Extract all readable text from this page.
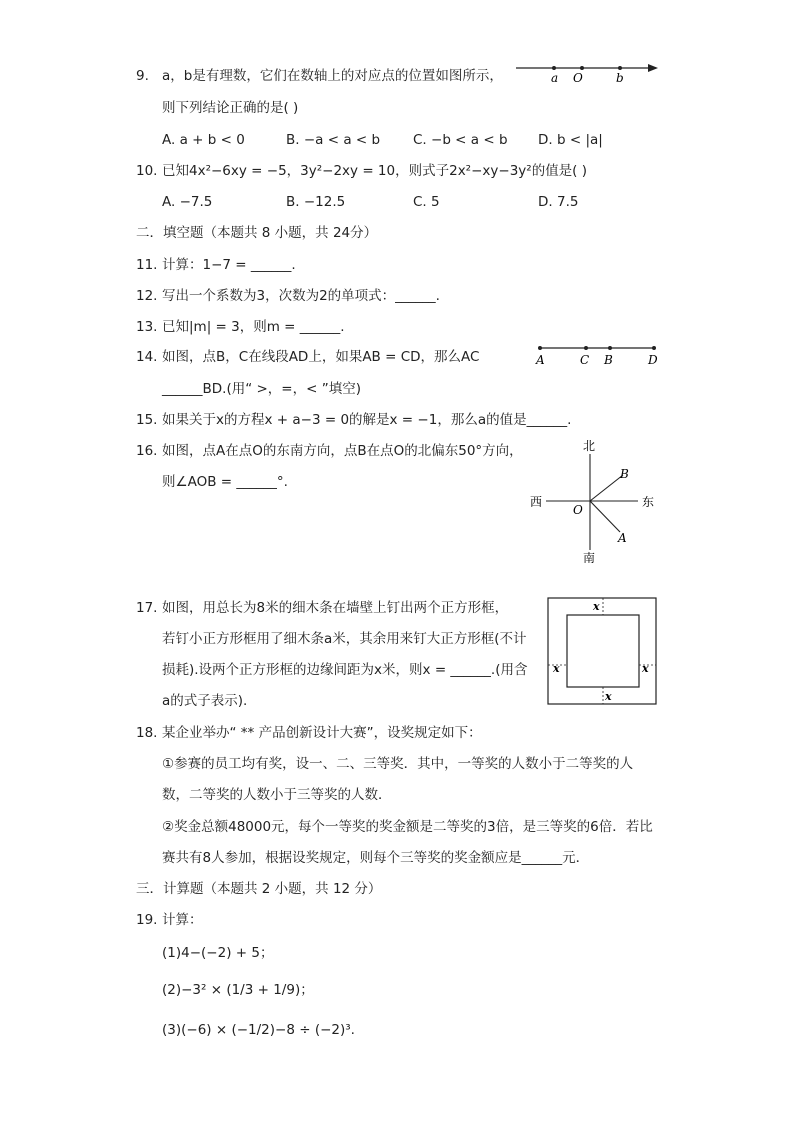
9. a，b是有理数，它们在数轴上的对应点的位置如图所示，
则下列结论正确的是( )
A. a + b < 0	B. −a < a < b C. −b < a < b D. b < |a|
a O	b
10. 已知4x²−6xy = −5，3y²−2xy = 10，则式子2x²−xy−3y²的值是( )
A. −7.5	B. −12.5	C. 5	D. 7.5
二．填空题（本题共 8 小题，共 24分）
11. 计算：1−7 = ______.
12. 写出一个系数为3，次数为2的单项式：______.
13. 已知|m| = 3，则m = ______.
14. 如图，点B，C在线段AD上，如果AB = CD，那么AC
______BD.(用“ >，=，< ”填空)
A	C B	D
15. 如果关于x的方程x + a−3 = 0的解是x = −1，那么a的值是______.
16. 如图，点A在点O的东南方向，点B在点O的北偏东50°方向，
则∠AOB = ______°.
北
南
西	东
O
B
A
17. 如图，用总长为8米的细木条在墙壁上钉出两个正方形框，
若钉小正方形框用了细木条a米，其余用来钉大正方形框(不计
损耗).设两个正方形框的边缘间距为x米，则x = ______.(用含
a的式子表示).
x
x
x	x
18. 某企业举办“ ** 产品创新设计大赛”，设奖规定如下：
①参赛的员工均有奖，设一、二、三等奖．其中，一等奖的人数小于二等奖的人
数，二等奖的人数小于三等奖的人数．
②奖金总额48000元，每个一等奖的奖金额是二等奖的3倍，是三等奖的6倍．若比
赛共有8人参加，根据设奖规定，则每个三等奖的奖金额应是______元．
三．计算题（本题共 2 小题，共 12 分）
19. 计算：
(1)4−(−2) + 5；
(2)−3² × (1/3 + 1/9)；
(3)(−6) × (−1/2)−8 ÷ (−2)³.
